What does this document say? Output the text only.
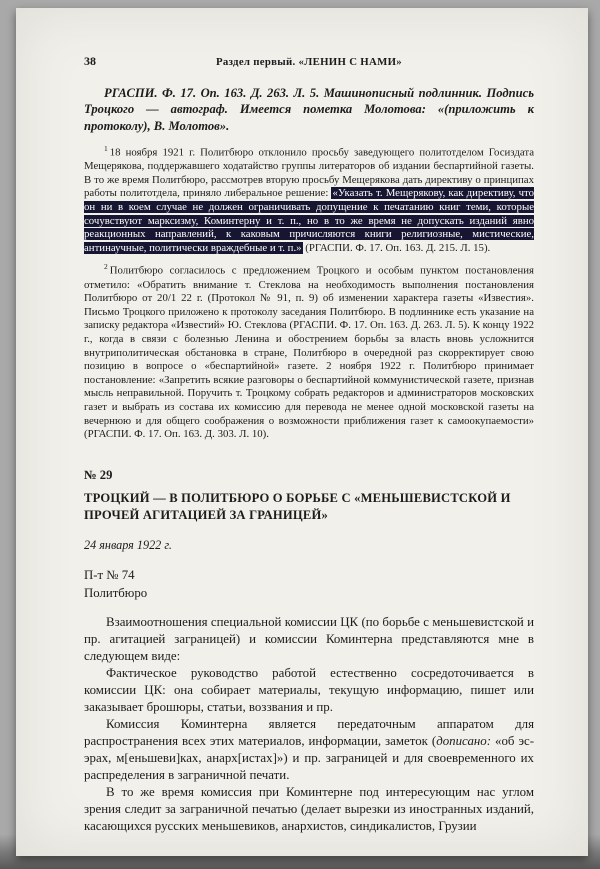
38	Раздел первый. «ЛЕНИН С НАМИ»

РГАСПИ. Ф. 17. Оп. 163. Д. 263. Л. 5. Машинописный подлинник. Подпись Троцкого — автограф. Имеется пометка Молотова: «(приложить к протоколу), В. Молотов».

$^1$ 18 ноября 1921 г. Политбюро отклонило просьбу заведующего политотделом Госиздата Мещерякова, поддержавшего ходатайство группы литераторов об издании беспартийной газеты. В то же время Политбюро, рассмотрев вторую просьбу Мещерякова дать директиву о принципах работы политотдела, приняло либеральное решение: «Указать т. Мещерякову, как директиву, что он ни в коем случае не должен ограничивать допущение к печатанию книг теми, которые сочувствуют марксизму, Коминтерну и т. п., но в то же время не допускать изданий явно реакционных направлений, к каковым причисляются книги религиозные, мистические, антинаучные, политически враждебные и т. п.» (РГАСПИ. Ф. 17. Оп. 163. Д. 215. Л. 15).

$^2$ Политбюро согласилось с предложением Троцкого и особым пунктом постановления отметило: «Обратить внимание т. Стеклова на необходимость выполнения постановления Политбюро от 20/1 22 г. (Протокол № 91, п. 9) об изменении характера газеты «Известия». Письмо Троцкого приложено к протоколу заседания Политбюро. В подлиннике есть указание на записку редактора «Известий» Ю. Стеклова (РГАСПИ. Ф. 17. Оп. 163. Д. 263. Л. 5). К концу 1922 г., когда в связи с болезнью Ленина и обострением борьбы за власть вновь усложнится внутриполитическая обстановка в стране, Политбюро в очередной раз скорректирует свою позицию в вопросе о «беспартийной» газете. 2 ноября 1922 г. Политбюро принимает постановление: «Запретить всякие разговоры о беспартийной коммунистической газете, признав мысль неправильной. Поручить т. Троцкому собрать редакторов и администраторов московских газет и выбрать из состава их комиссию для перевода не менее одной московской газеты на вечернюю и для общего соображения о возможности приближения газет к самоокупаемости» (РГАСПИ. Ф. 17. Оп. 163. Д. 303. Л. 10).

№ 29
ТРОЦКИЙ — В ПОЛИТБЮРО О БОРЬБЕ С «МЕНЬШЕВИСТСКОЙ И ПРОЧЕЙ АГИТАЦИЕЙ ЗА ГРАНИЦЕЙ»
24 января 1922 г.
П-т № 74
Политбюро

Взаимоотношения специальной комиссии ЦК (по борьбе с меньшевистской и пр. агитацией заграницей) и комиссии Коминтерна представляются мне в следующем виде:

Фактическое руководство работой естественно сосредоточивается в комиссии ЦК: она собирает материалы, текущую информацию, пишет или заказывает брошюры, статьи, воззвания и пр.

Комиссия Коминтерна является передаточным аппаратом для распространения всех этих материалов, информации, заметок (дописано: «об эс-эрах, м[еньшеви]ках, анарх[истах]») и пр. заграницей и для своевременного их распределения в заграничной печати.

В то же время комиссия при Коминтерне под интересующим нас углом зрения следит за заграничной печатью (делает вырезки из иностранных изданий, касающихся русских меньшевиков, анархистов, синдикалистов, Грузии
